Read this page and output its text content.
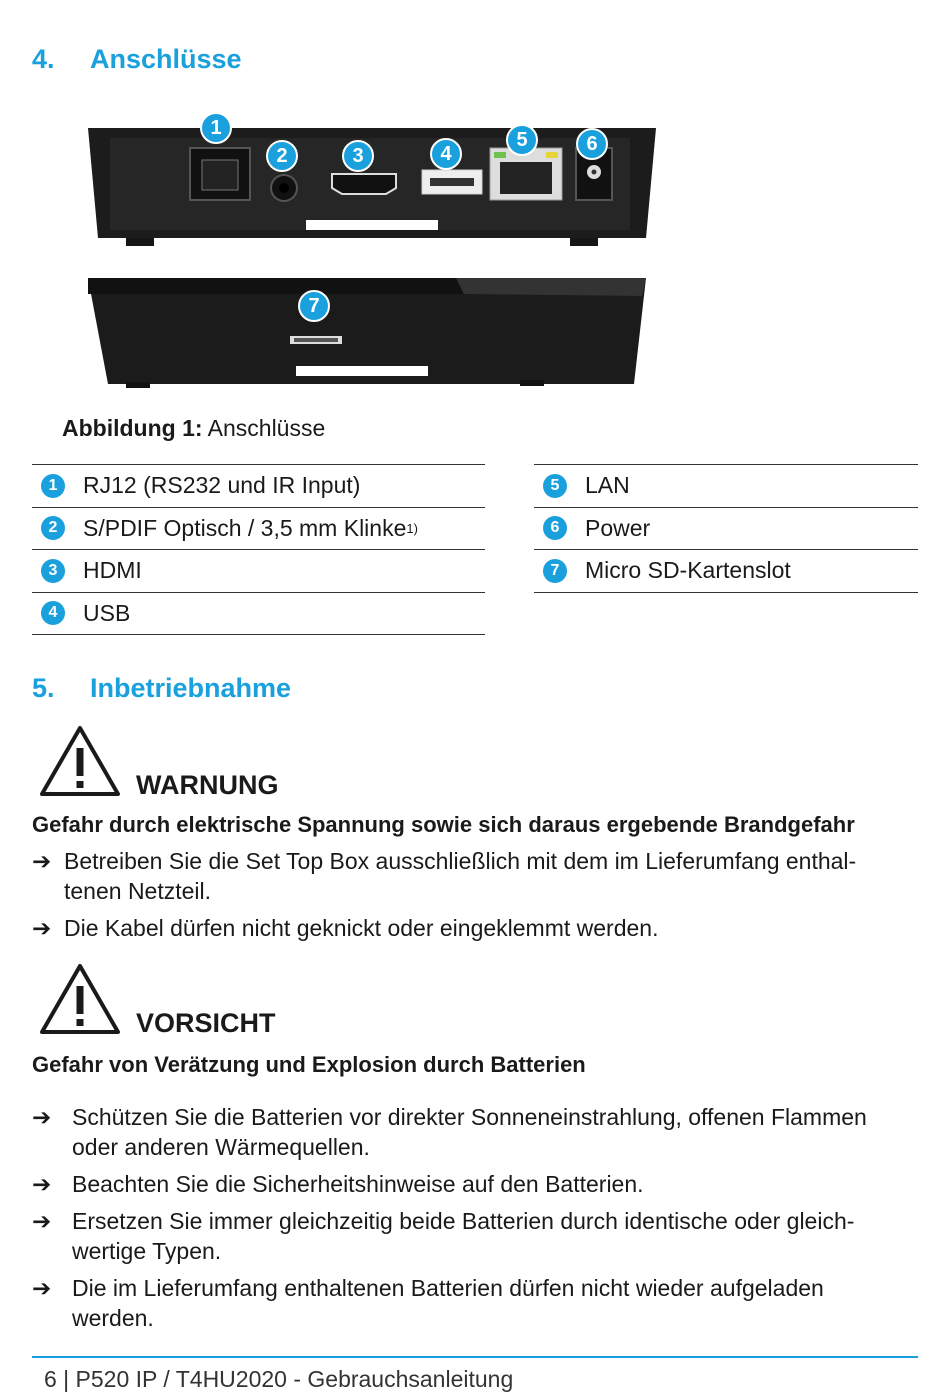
4.	Anschlüsse
1
2	3	4
5	6
7
Abbildung 1: Anschlüsse
1	RJ12 (RS232 und IR Input)
2	S/PDIF Optisch / 3,5 mm Klinke 1)
3	HDMI
4	USB
5	LAN
6	Power
7	Micro SD-Kartenslot
5.	Inbetriebnahme
WARNUNG
Gefahr durch elektrische Spannung sowie sich daraus ergebende Brandgefahr
➔ Betreiben Sie die Set Top Box ausschließlich mit dem im Lieferumfang enthal-tenen Netzteil.
➔ Die Kabel dürfen nicht geknickt oder eingeklemmt werden.
VORSICHT
Gefahr von Verätzung und Explosion durch Batterien
➔ Schützen Sie die Batterien vor direkter Sonneneinstrahlung, offenen Flammen oder anderen Wärmequellen.
➔ Beachten Sie die Sicherheitshinweise auf den Batterien.
➔ Ersetzen Sie immer gleichzeitig beide Batterien durch identische oder gleich-wertige Typen.
➔ Die im Lieferumfang enthaltenen Batterien dürfen nicht wieder aufgeladen werden.
6 | P520 IP / T4HU2020 - Gebrauchsanleitung
